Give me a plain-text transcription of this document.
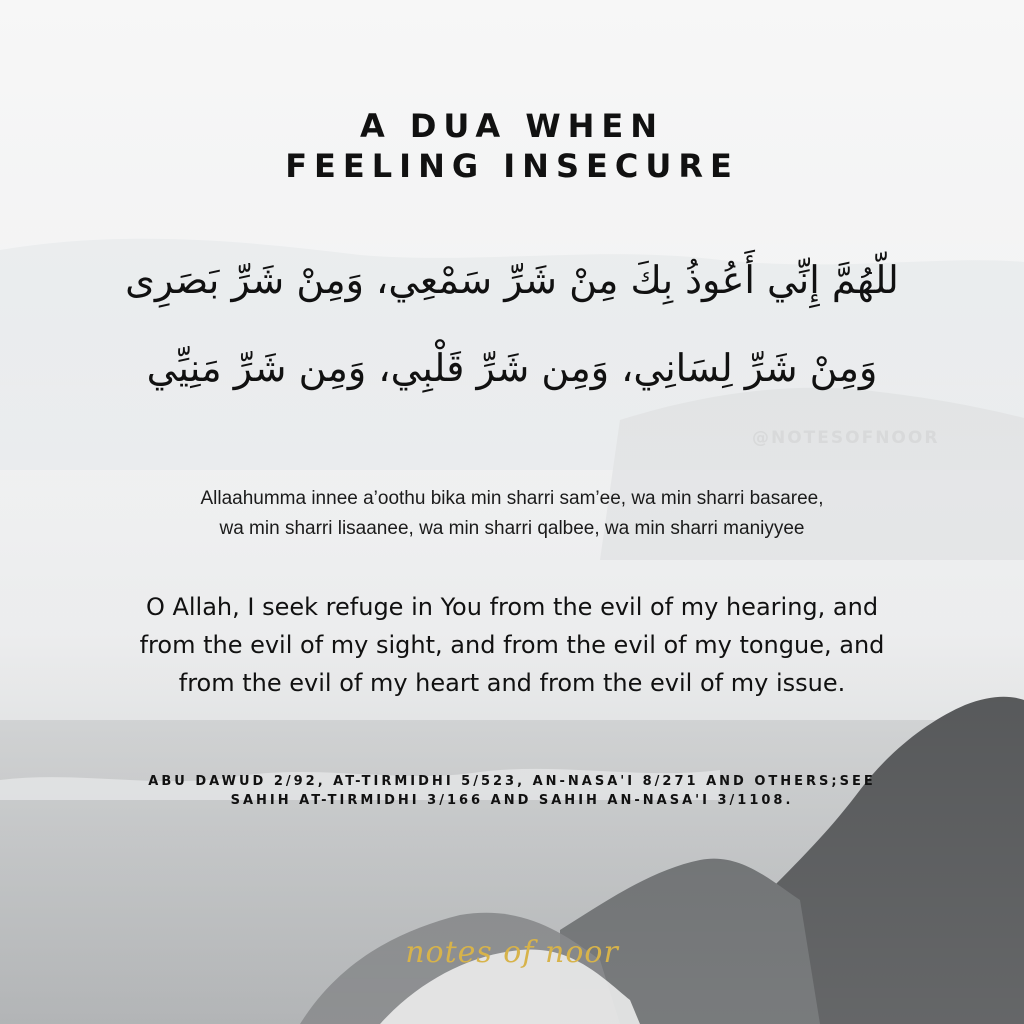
A DUA WHEN
FEELING INSECURE
للّهُمَّ إِنِّي أَعُوذُ بِكَ مِنْ شَرِّ سَمْعِي، وَمِنْ شَرِّ بَصَرِى
وَمِنْ شَرِّ لِسَانِي، وَمِن شَرِّ قَلْبِي، وَمِن شَرِّ مَنِيِّي
@NOTESOFNOOR
Allaahumma innee a’oothu bika min sharri sam’ee, wa min sharri basaree,
wa min sharri lisaanee, wa min sharri qalbee, wa min sharri maniyyee
O Allah, I seek refuge in You from the evil of my hearing, and
from the evil of my sight, and from the evil of my tongue, and
from the evil of my heart and from the evil of my issue.
ABU DAWUD 2/92, AT-TIRMIDHI 5/523, AN-NASA'I 8/271 AND OTHERS;SEE
SAHIH AT-TIRMIDHI 3/166 AND SAHIH AN-NASA'I 3/1108.
notes of noor
